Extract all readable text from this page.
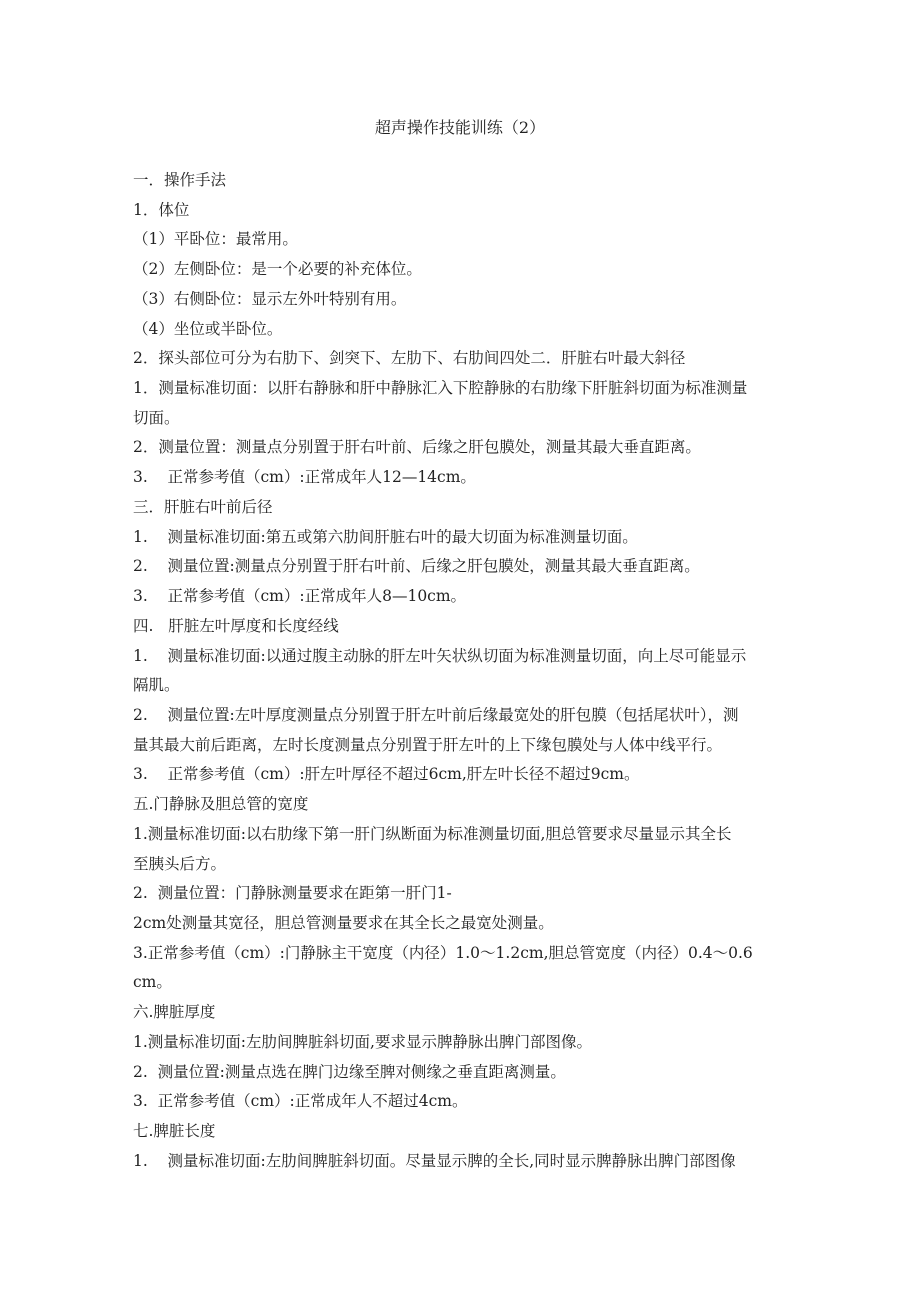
超声操作技能训练（2）
一．操作手法
1．体位
（1）平卧位：最常用。
（2）左侧卧位：是一个必要的补充体位。
（3）右侧卧位：显示左外叶特别有用。
（4）坐位或半卧位。
2．探头部位可分为右肋下、剑突下、左肋下、右肋间四处二．肝脏右叶最大斜径
1．测量标准切面：以肝右静脉和肝中静脉汇入下腔静脉的右肋缘下肝脏斜切面为标准测量
切面。
2．测量位置：测量点分别置于肝右叶前、后缘之肝包膜处，测量其最大垂直距离。
3.    正常参考值（cm）:正常成年人12—14cm。
三．肝脏右叶前后径
1.    测量标准切面:第五或第六肋间肝脏右叶的最大切面为标准测量切面。
2.    测量位置:测量点分别置于肝右叶前、后缘之肝包膜处，测量其最大垂直距离。
3.    正常参考值（cm）:正常成年人8—10cm。
四.   肝脏左叶厚度和长度经线
1.    测量标准切面:以通过腹主动脉的肝左叶矢状纵切面为标准测量切面，向上尽可能显示
隔肌。
2.    测量位置:左叶厚度测量点分别置于肝左叶前后缘最宽处的肝包膜（包括尾状叶），测
量其最大前后距离，左时长度测量点分别置于肝左叶的上下缘包膜处与人体中线平行。
3.    正常参考值（cm）:肝左叶厚径不超过6cm,肝左叶长径不超过9cm。
五.门静脉及胆总管的宽度
1.测量标准切面:以右肋缘下第一肝门纵断面为标准测量切面,胆总管要求尽量显示其全长
至胰头后方。
2.  测量位置：门静脉测量要求在距第一肝门1-
2cm处测量其宽径，胆总管测量要求在其全长之最宽处测量。
3.正常参考值（cm）:门静脉主干宽度（内径）1.0～1.2cm,胆总管宽度（内径）0.4～0.6
cm。
六.脾脏厚度
1.测量标准切面:左肋间脾脏斜切面,要求显示脾静脉出脾门部图像。
2.  测量位置:测量点选在脾门边缘至脾对侧缘之垂直距离测量。
3.  正常参考值（cm）:正常成年人不超过4cm。
七.脾脏长度
1.    测量标准切面:左肋间脾脏斜切面。尽量显示脾的全长,同时显示脾静脉出脾门部图像
